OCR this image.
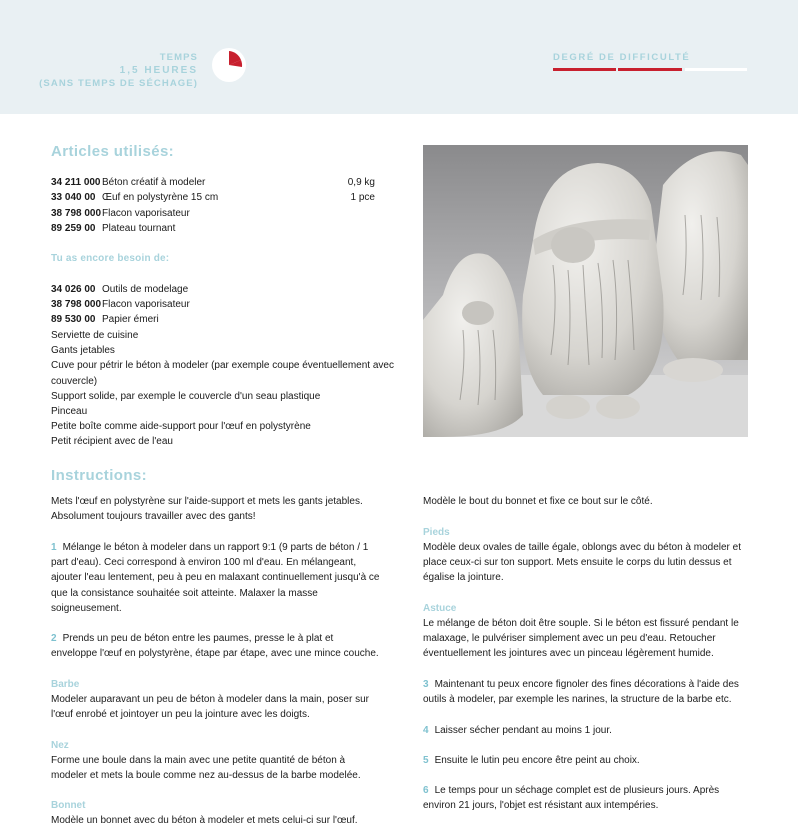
TEMPS
1,5 HEURES
(SANS TEMPS DE SÉCHAGE)
DEGRÉ DE DIFFICULTÉ
Articles utilisés:
34 211 000 Béton créatif à modeler	0,9 kg
33 040 00 Œuf en polystyrène 15 cm	1 pce
38 798 000 Flacon vaporisateur
89 259 00 Plateau tournant
Tu as encore besoin de:
34 026 00 Outils de modelage
38 798 000 Flacon vaporisateur
89 530 00 Papier émeri
Serviette de cuisine
Gants jetables
Cuve pour pétrir le béton à modeler (par exemple coupe éventuellement avec
couvercle)
Support solide, par exemple le couvercle d'un seau plastique
Pinceau
Petite boîte comme aide-support pour l'œuf en polystyrène
Petit récipient avec de l'eau
Instructions:
Mets l'œuf en polystyrène sur l'aide-support et mets les gants jetables. Absolument toujours travailler avec des gants!
1 Mélange le béton à modeler dans un rapport 9:1 (9 parts de béton / 1 part d'eau). Ceci correspond à environ 100 ml d'eau. En mélangeant, ajouter l'eau lentement, peu à peu en malaxant continuellement jusqu'à ce que la consistance souhaitée soit atteinte. Malaxer la masse soigneusement.
2 Prends un peu de béton entre les paumes, presse le à plat et enveloppe l'œuf en polystyrène, étape par étape, avec une mince couche.
Barbe
Modeler auparavant un peu de béton à modeler dans la main, poser sur l'œuf enrobé et jointoyer un peu la jointure avec les doigts.
Nez
Forme une boule dans la main avec une petite quantité de béton à modeler et mets la boule comme nez au-dessus de la barbe modelée.
Bonnet
Modèle un bonnet avec du béton à modeler et mets celui-ci sur l'œuf.
Modèle le bout du bonnet et fixe ce bout sur le côté.
Pieds
Modèle deux ovales de taille égale, oblongs avec du béton à modeler et place ceux-ci sur ton support. Mets ensuite le corps du lutin dessus et égalise la jointure.
Astuce
Le mélange de béton doit être souple. Si le béton est fissuré pendant le malaxage, le pulvériser simplement avec un peu d'eau. Retoucher éventuellement les jointures avec un pinceau légèrement humide.
3 Maintenant tu peux encore fignoler des fines décorations à l'aide des outils à modeler, par exemple les narines, la structure de la barbe etc.
4 Laisser sécher pendant au moins 1 jour.
5 Ensuite le lutin peu encore être peint au choix.
6 Le temps pour un séchage complet est de plusieurs jours. Après environ 21 jours, l'objet est résistant aux intempéries.
